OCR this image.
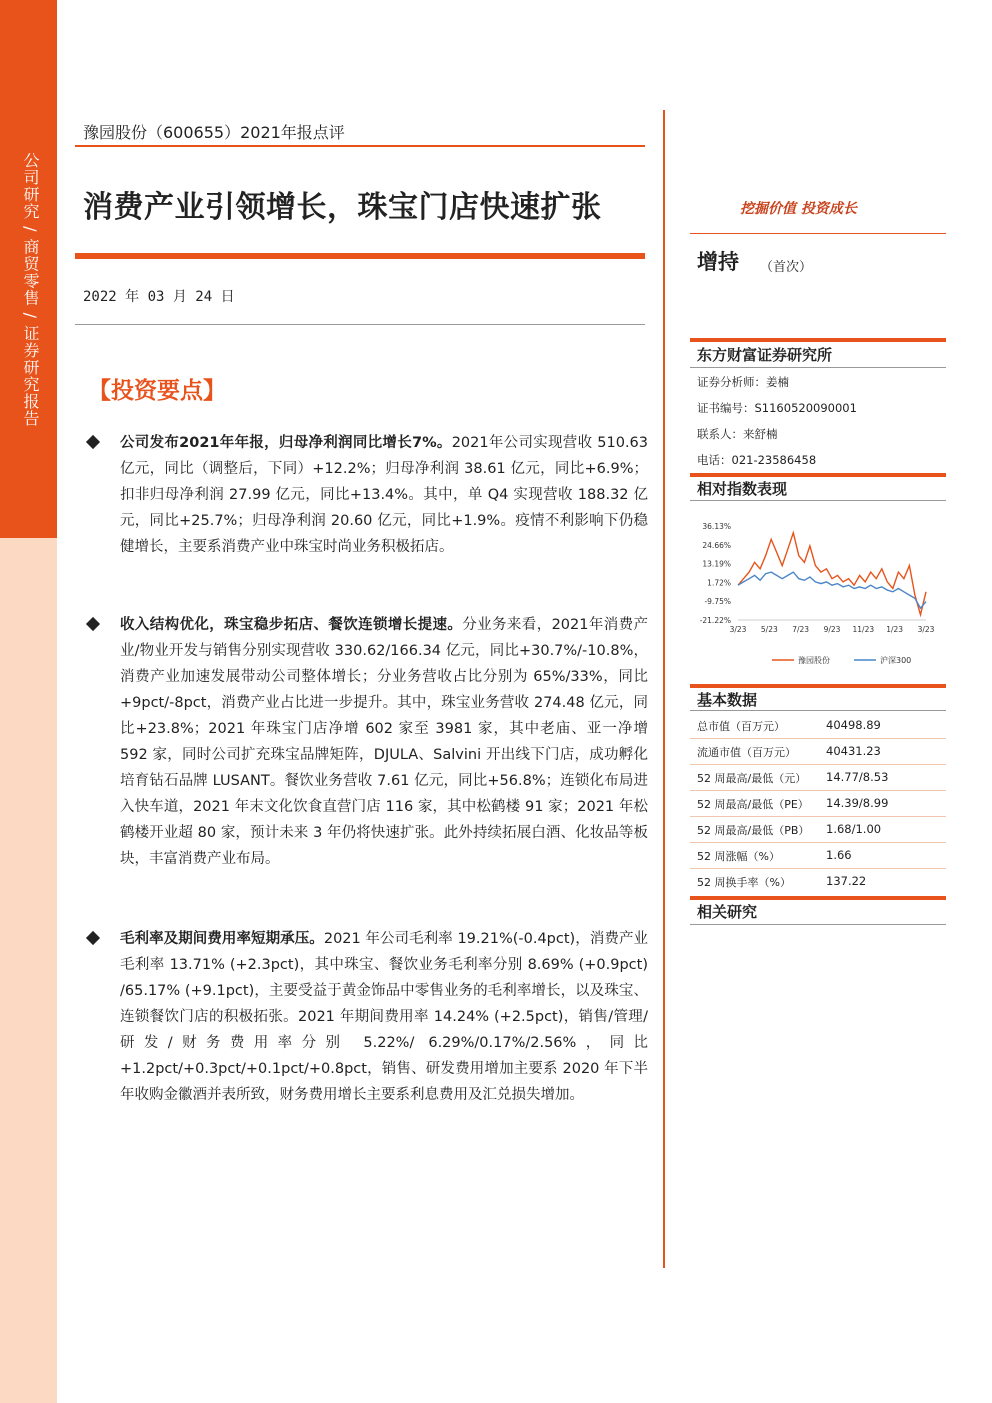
公司研究 / 商贸零售 / 证券研究报告
豫园股份（600655）2021年报点评
消费产业引领增长，珠宝门店快速扩张
2022 年 03 月 24 日
【投资要点】

公司发布2021年年报，归母净利润同比增长7%。2021年公司实现营收 510.63 亿元，同比（调整后，下同）+12.2%；归母净利润 38.61 亿元，同比+6.9%；扣非归母净利润 27.99 亿元，同比+13.4%。其中，单 Q4 实现营收 188.32 亿元，同比+25.7%；归母净利润 20.60 亿元，同比+1.9%。疫情不利影响下仍稳健增长，主要系消费产业中珠宝时尚业务积极拓店。

收入结构优化，珠宝稳步拓店、餐饮连锁增长提速。分业务来看，2021年消费产业/物业开发与销售分别实现营收 330.62/166.34 亿元，同比+30.7%/-10.8%，消费产业加速发展带动公司整体增长；分业务营收占比分别为 65%/33%，同比+9pct/-8pct，消费产业占比进一步提升。其中，珠宝业务营收 274.48 亿元，同比+23.8%；2021 年珠宝门店净增 602 家至 3981 家，其中老庙、亚一净增 592 家，同时公司扩充珠宝品牌矩阵，DJULA、Salvini 开出线下门店，成功孵化培育钻石品牌 LUSANT。餐饮业务营收 7.61 亿元，同比+56.8%；连锁化布局进入快车道，2021 年末文化饮食直营门店 116 家，其中松鹤楼 91 家；2021 年松鹤楼开业超 80 家，预计未来 3 年仍将快速扩张。此外持续拓展白酒、化妆品等板块，丰富消费产业布局。

毛利率及期间费用率短期承压。2021 年公司毛利率 19.21%(-0.4pct)，消费产业毛利率 13.71% (+2.3pct)，其中珠宝、餐饮业务毛利率分别 8.69% (+0.9pct) /65.17% (+9.1pct)，主要受益于黄金饰品中零售业务的毛利率增长，以及珠宝、连锁餐饮门店的积极拓张。2021 年期间费用率 14.24% (+2.5pct)，销售/管理/研发/财务费用率分别 5.22%/ 6.29%/0.17%/2.56%，同比+1.2pct/+0.3pct/+0.1pct/+0.8pct，销售、研发费用增加主要系 2020 年下半年收购金徽酒并表所致，财务费用增长主要系利息费用及汇兑损失增加。

挖掘价值 投资成长
增持 （首次）
东方财富证券研究所
证券分析师：姜楠
证书编号：S1160520090001
联系人：来舒楠
电话：021-23586458
相对指数表现
36.13%
24.66%
13.19%
1.72%
-9.75%
-21.22%
3/23 5/23 7/23 9/23 11/23 1/23 3/23
豫园股份	沪深300
基本数据
总市值（百万元）	40498.89
流通市值（百万元）	40431.23
52 周最高/最低（元） 14.77/8.53
52 周最高/最低（PE） 14.39/8.99
52 周最高/最低（PB） 1.68/1.00
52 周涨幅（%）	1.66
52 周换手率（%）	137.22
相关研究
